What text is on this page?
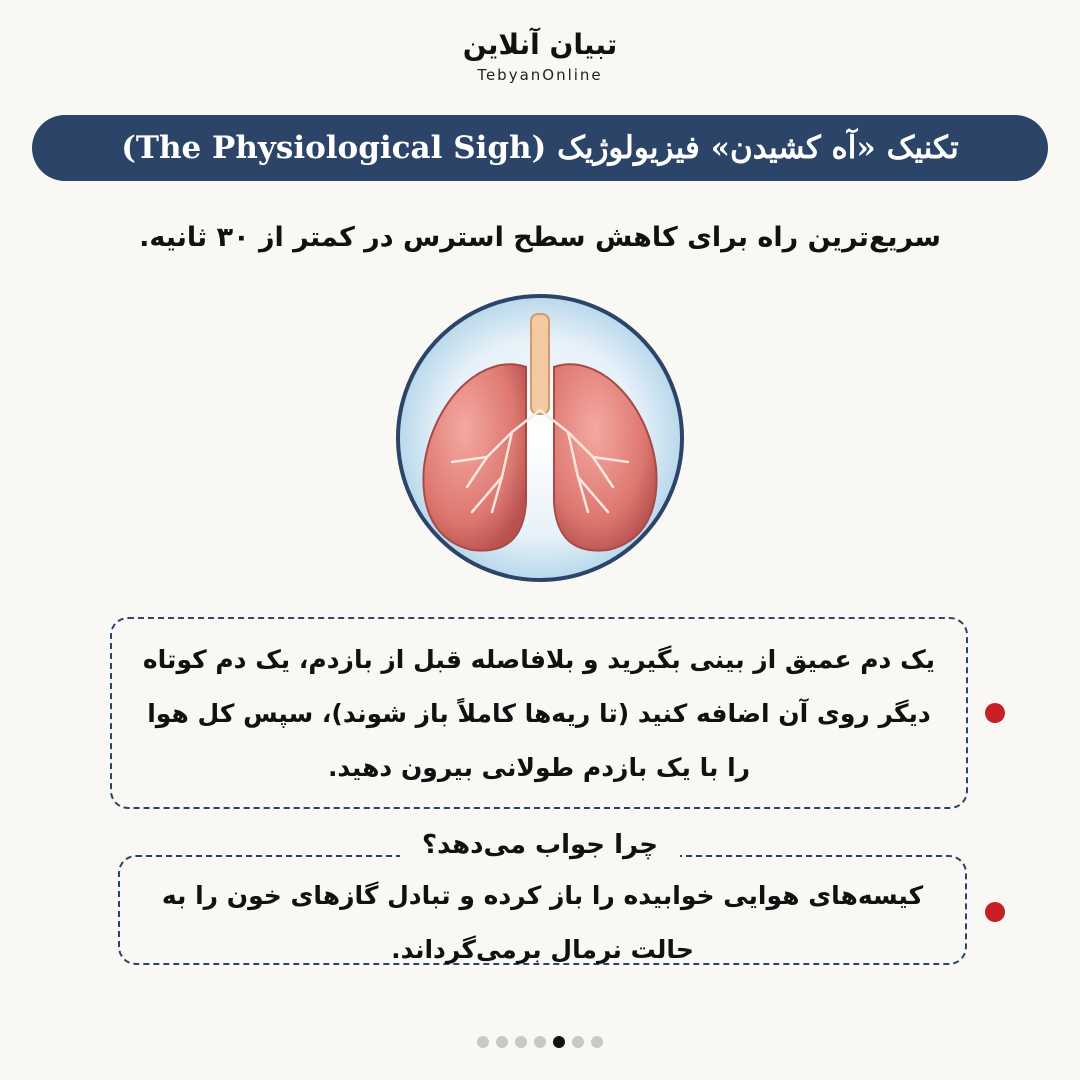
تبیان آنلاین
TebyanOnline
تکنیک «آه کشیدن» فیزیولوژیک (The Physiological Sigh)
سریع‌ترین راه برای کاهش سطح استرس در کمتر از ۳۰ ثانیه.
یک دم عمیق از بینی بگیرید و بلافاصله قبل از بازدم، یک دم کوتاه دیگر روی آن اضافه کنید (تا ریه‌ها کاملاً باز شوند)، سپس کل هوا را با یک بازدم طولانی بیرون دهید.
کیسه‌های هوایی خوابیده را باز کرده و تبادل گازهای خون را به حالت نرمال برمی‌گرداند.
چرا جواب می‌دهد؟
